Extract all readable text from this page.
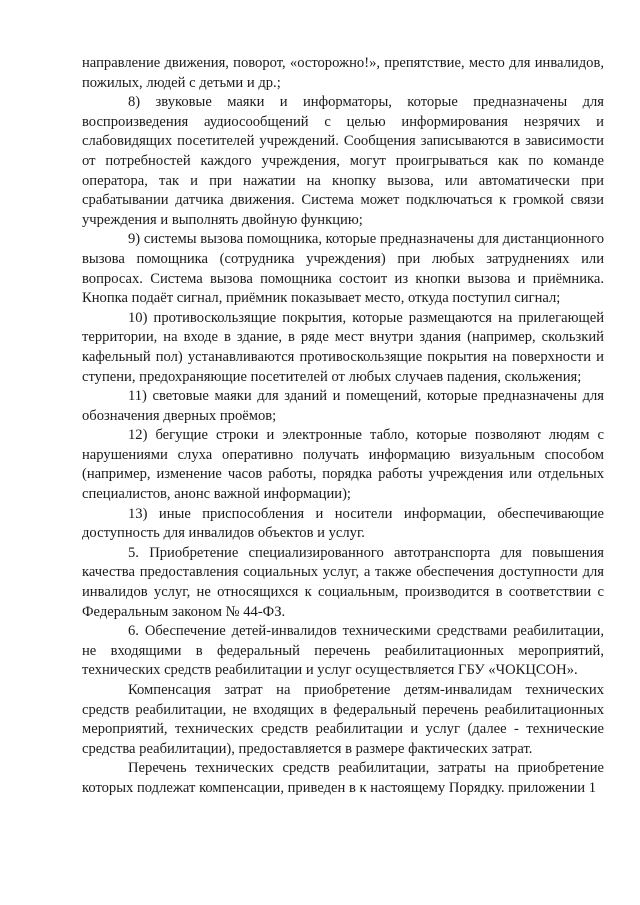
направление движения, поворот, «осторожно!», препятствие, место для инвалидов, пожилых, людей с детьми и др.;

8) звуковые маяки и информаторы, которые предназначены для воспроизведения аудиосообщений с целью информирования незрячих и слабовидящих посетителей учреждений. Сообщения записываются в зависимости от потребностей каждого учреждения, могут проигрываться как по команде оператора, так и при нажатии на кнопку вызова, или автоматически при срабатывании датчика движения. Система может подключаться к громкой связи учреждения и выполнять двойную функцию;

9) системы вызова помощника, которые предназначены для дистанционного вызова помощника (сотрудника учреждения) при любых затруднениях или вопросах. Система вызова помощника состоит из кнопки вызова и приёмника. Кнопка подаёт сигнал, приёмник показывает место, откуда поступил сигнал;

10) противоскользящие покрытия, которые размещаются на прилегающей территории, на входе в здание, в ряде мест внутри здания (например, скользкий кафельный пол) устанавливаются противоскользящие покрытия на поверхности и ступени, предохраняющие посетителей от любых случаев падения, скольжения;

11) световые маяки для зданий и помещений, которые предназначены для обозначения дверных проёмов;

12) бегущие строки и электронные табло, которые позволяют людям с нарушениями слуха оперативно получать информацию визуальным способом (например, изменение часов работы, порядка работы учреждения или отдельных специалистов, анонс важной информации);

13) иные приспособления и носители информации, обеспечивающие доступность для инвалидов объектов и услуг.

5. Приобретение специализированного автотранспорта для повышения качества предоставления социальных услуг, а также обеспечения доступности для инвалидов услуг, не относящихся к социальным, производится в соответствии с Федеральным законом № 44-ФЗ.

6. Обеспечение детей-инвалидов техническими средствами реабилитации, не входящими в федеральный перечень реабилитационных мероприятий, технических средств реабилитации и услуг осуществляется ГБУ «ЧОКЦСОН».

Компенсация затрат на приобретение детям-инвалидам технических средств реабилитации, не входящих в федеральный перечень реабилитационных мероприятий, технических средств реабилитации и услуг (далее - технические средства реабилитации), предоставляется в размере фактических затрат.

Перечень технических средств реабилитации, затраты на приобретение которых подлежат компенсации, приведен в к настоящему Порядку. приложении 1
